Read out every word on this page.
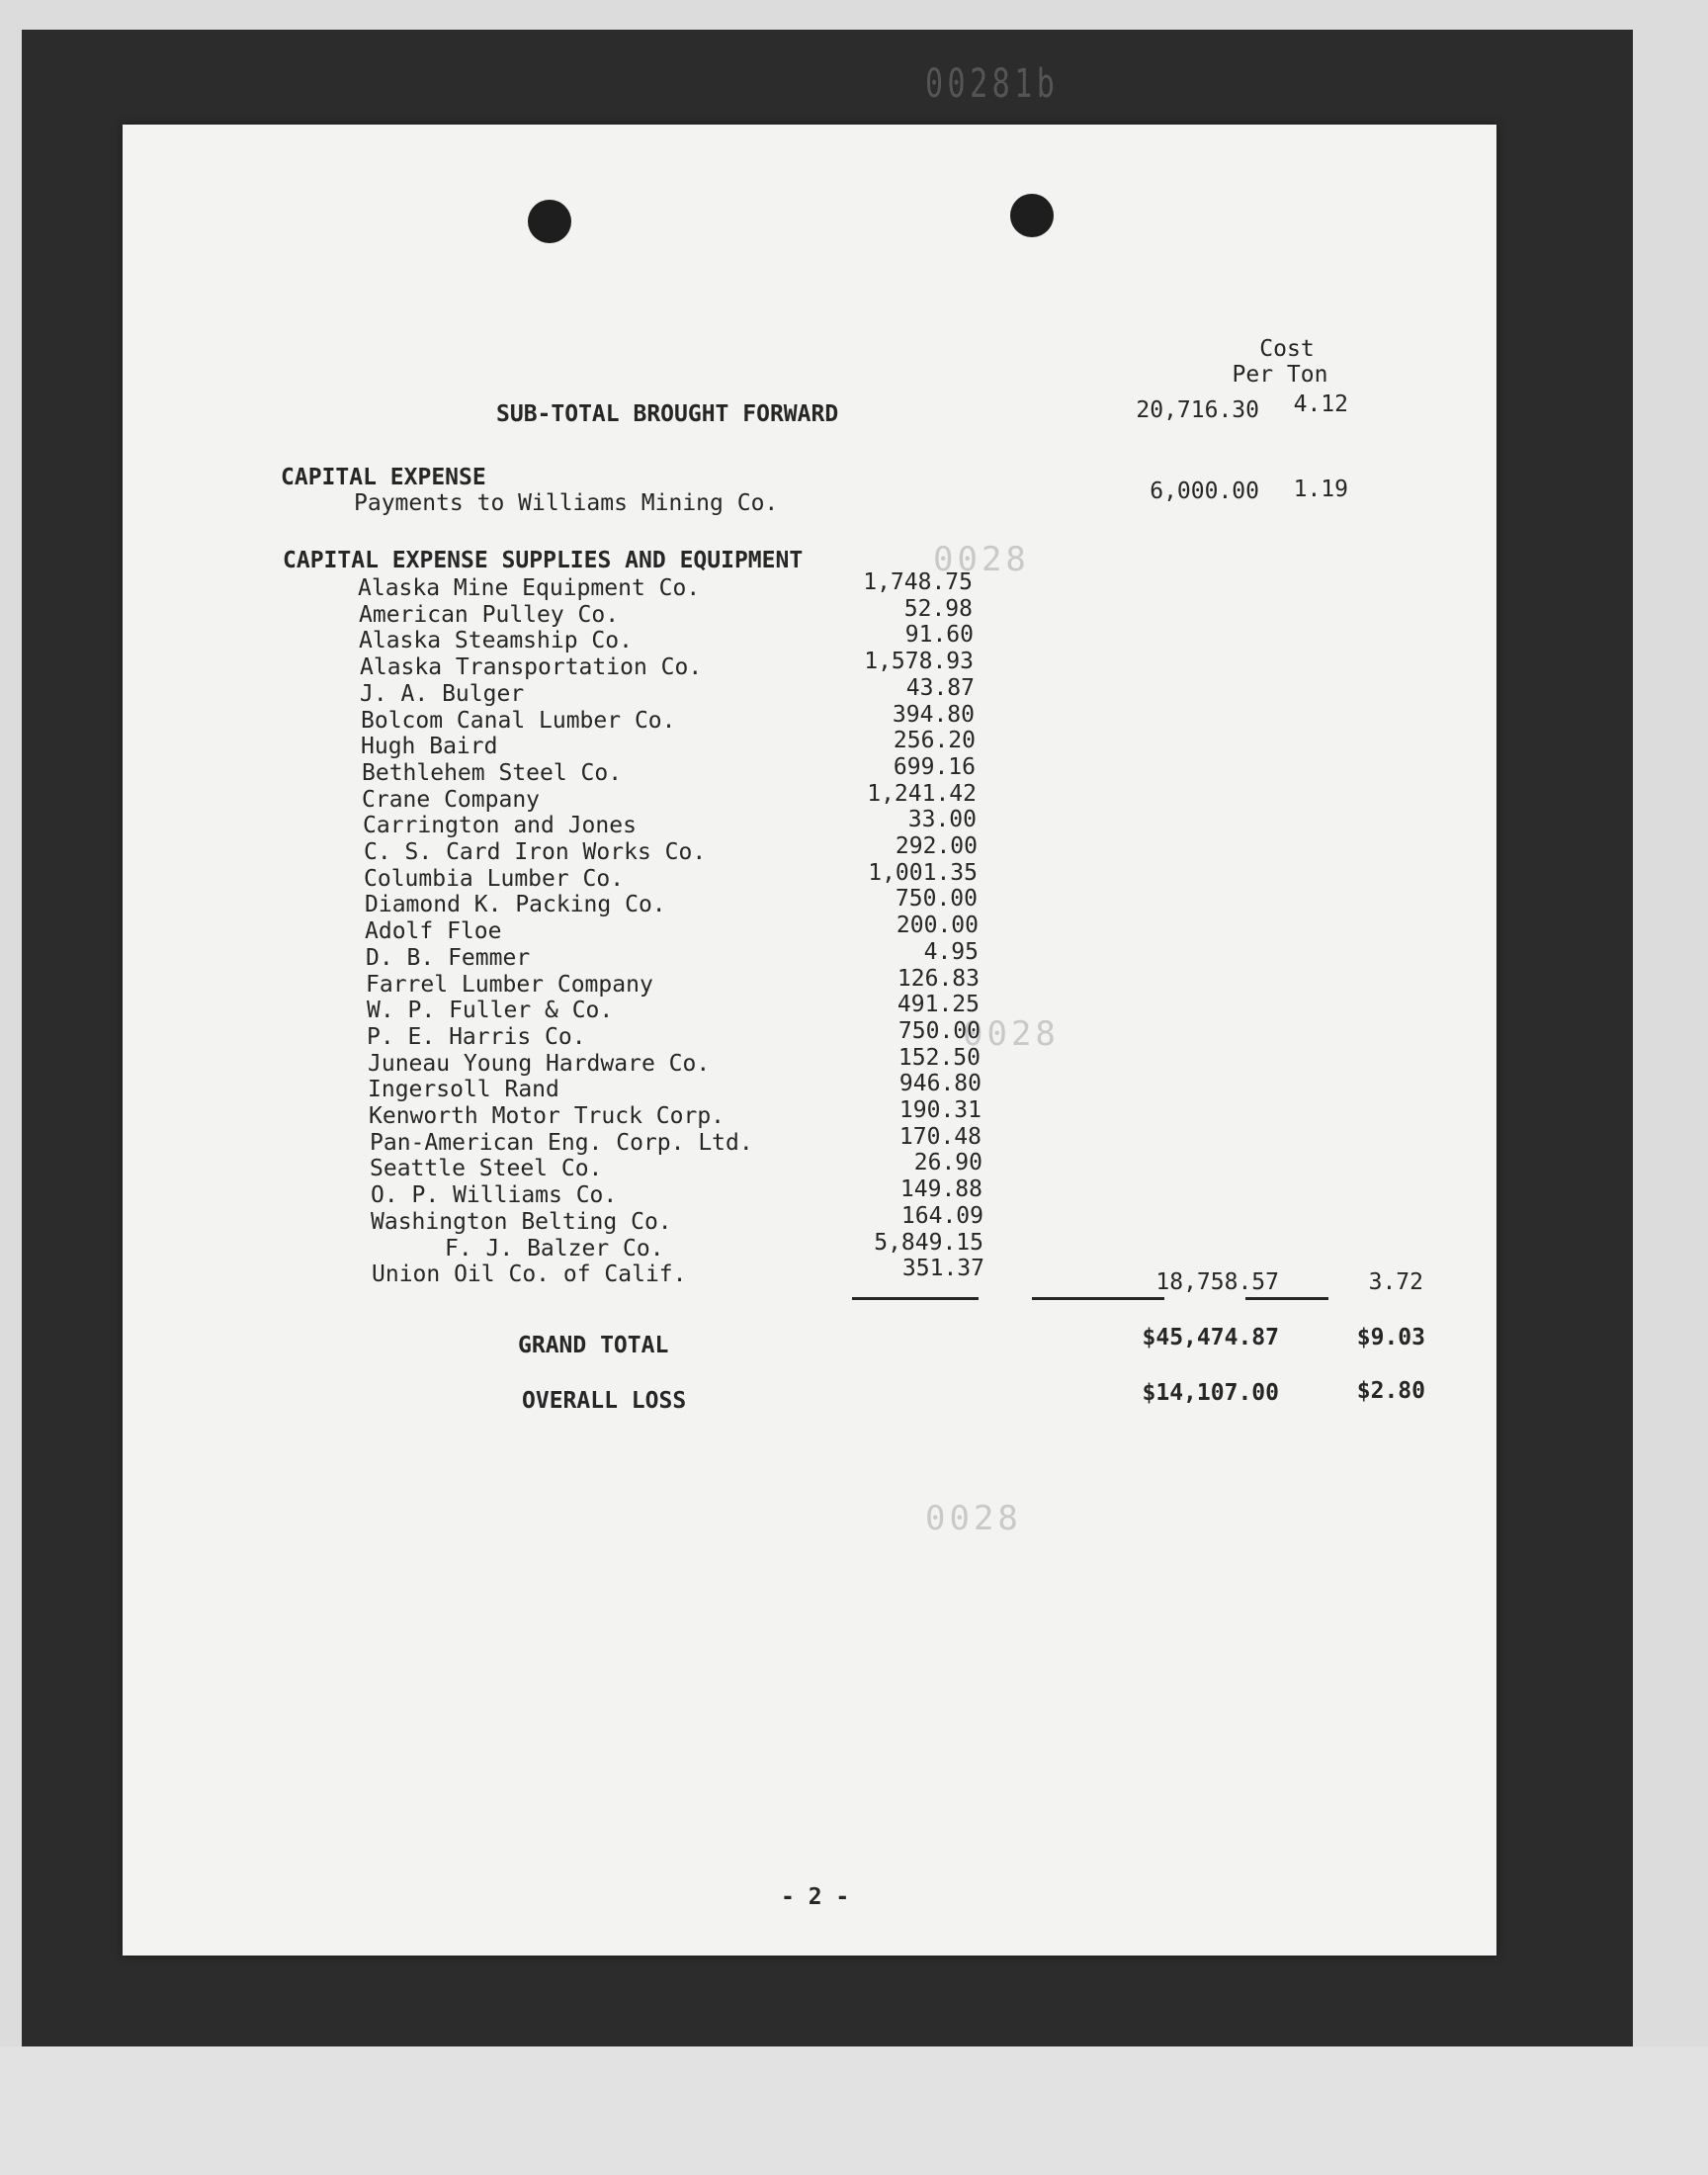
00281b
0028
0028
0028
Cost
Per Ton
SUB-TOTAL BROUGHT FORWARD	20,716.30	4.12
CAPITAL EXPENSE
Payments to Williams Mining Co.	6,000.00	1.19
CAPITAL EXPENSE SUPPLIES AND EQUIPMENT
Alaska Mine Equipment Co.	1,748.75
American Pulley Co.	52.98
Alaska Steamship Co.	91.60
Alaska Transportation Co.	1,578.93
J. A. Bulger	43.87
Bolcom Canal Lumber Co.	394.80
Hugh Baird	256.20
Bethlehem Steel Co.	699.16
Crane Company	1,241.42
Carrington and Jones	33.00
C. S. Card Iron Works Co.	292.00
Columbia Lumber Co.	1,001.35
Diamond K. Packing Co.	750.00
Adolf Floe	200.00
D. B. Femmer	4.95
Farrel Lumber Company	126.83
W. P. Fuller & Co.	491.25
P. E. Harris Co.	750.00
Juneau Young Hardware Co.	152.50
Ingersoll Rand	946.80
Kenworth Motor Truck Corp.	190.31
Pan-American Eng. Corp. Ltd.	170.48
Seattle Steel Co.	26.90
O. P. Williams Co.	149.88
Washington Belting Co.	164.09
F. J. Balzer Co.	5,849.15
Union Oil Co. of Calif.	351.37
18,758.57	3.72
GRAND TOTAL	$45,474.87	$9.03
OVERALL LOSS	$14,107.00	$2.80
- 2 -
